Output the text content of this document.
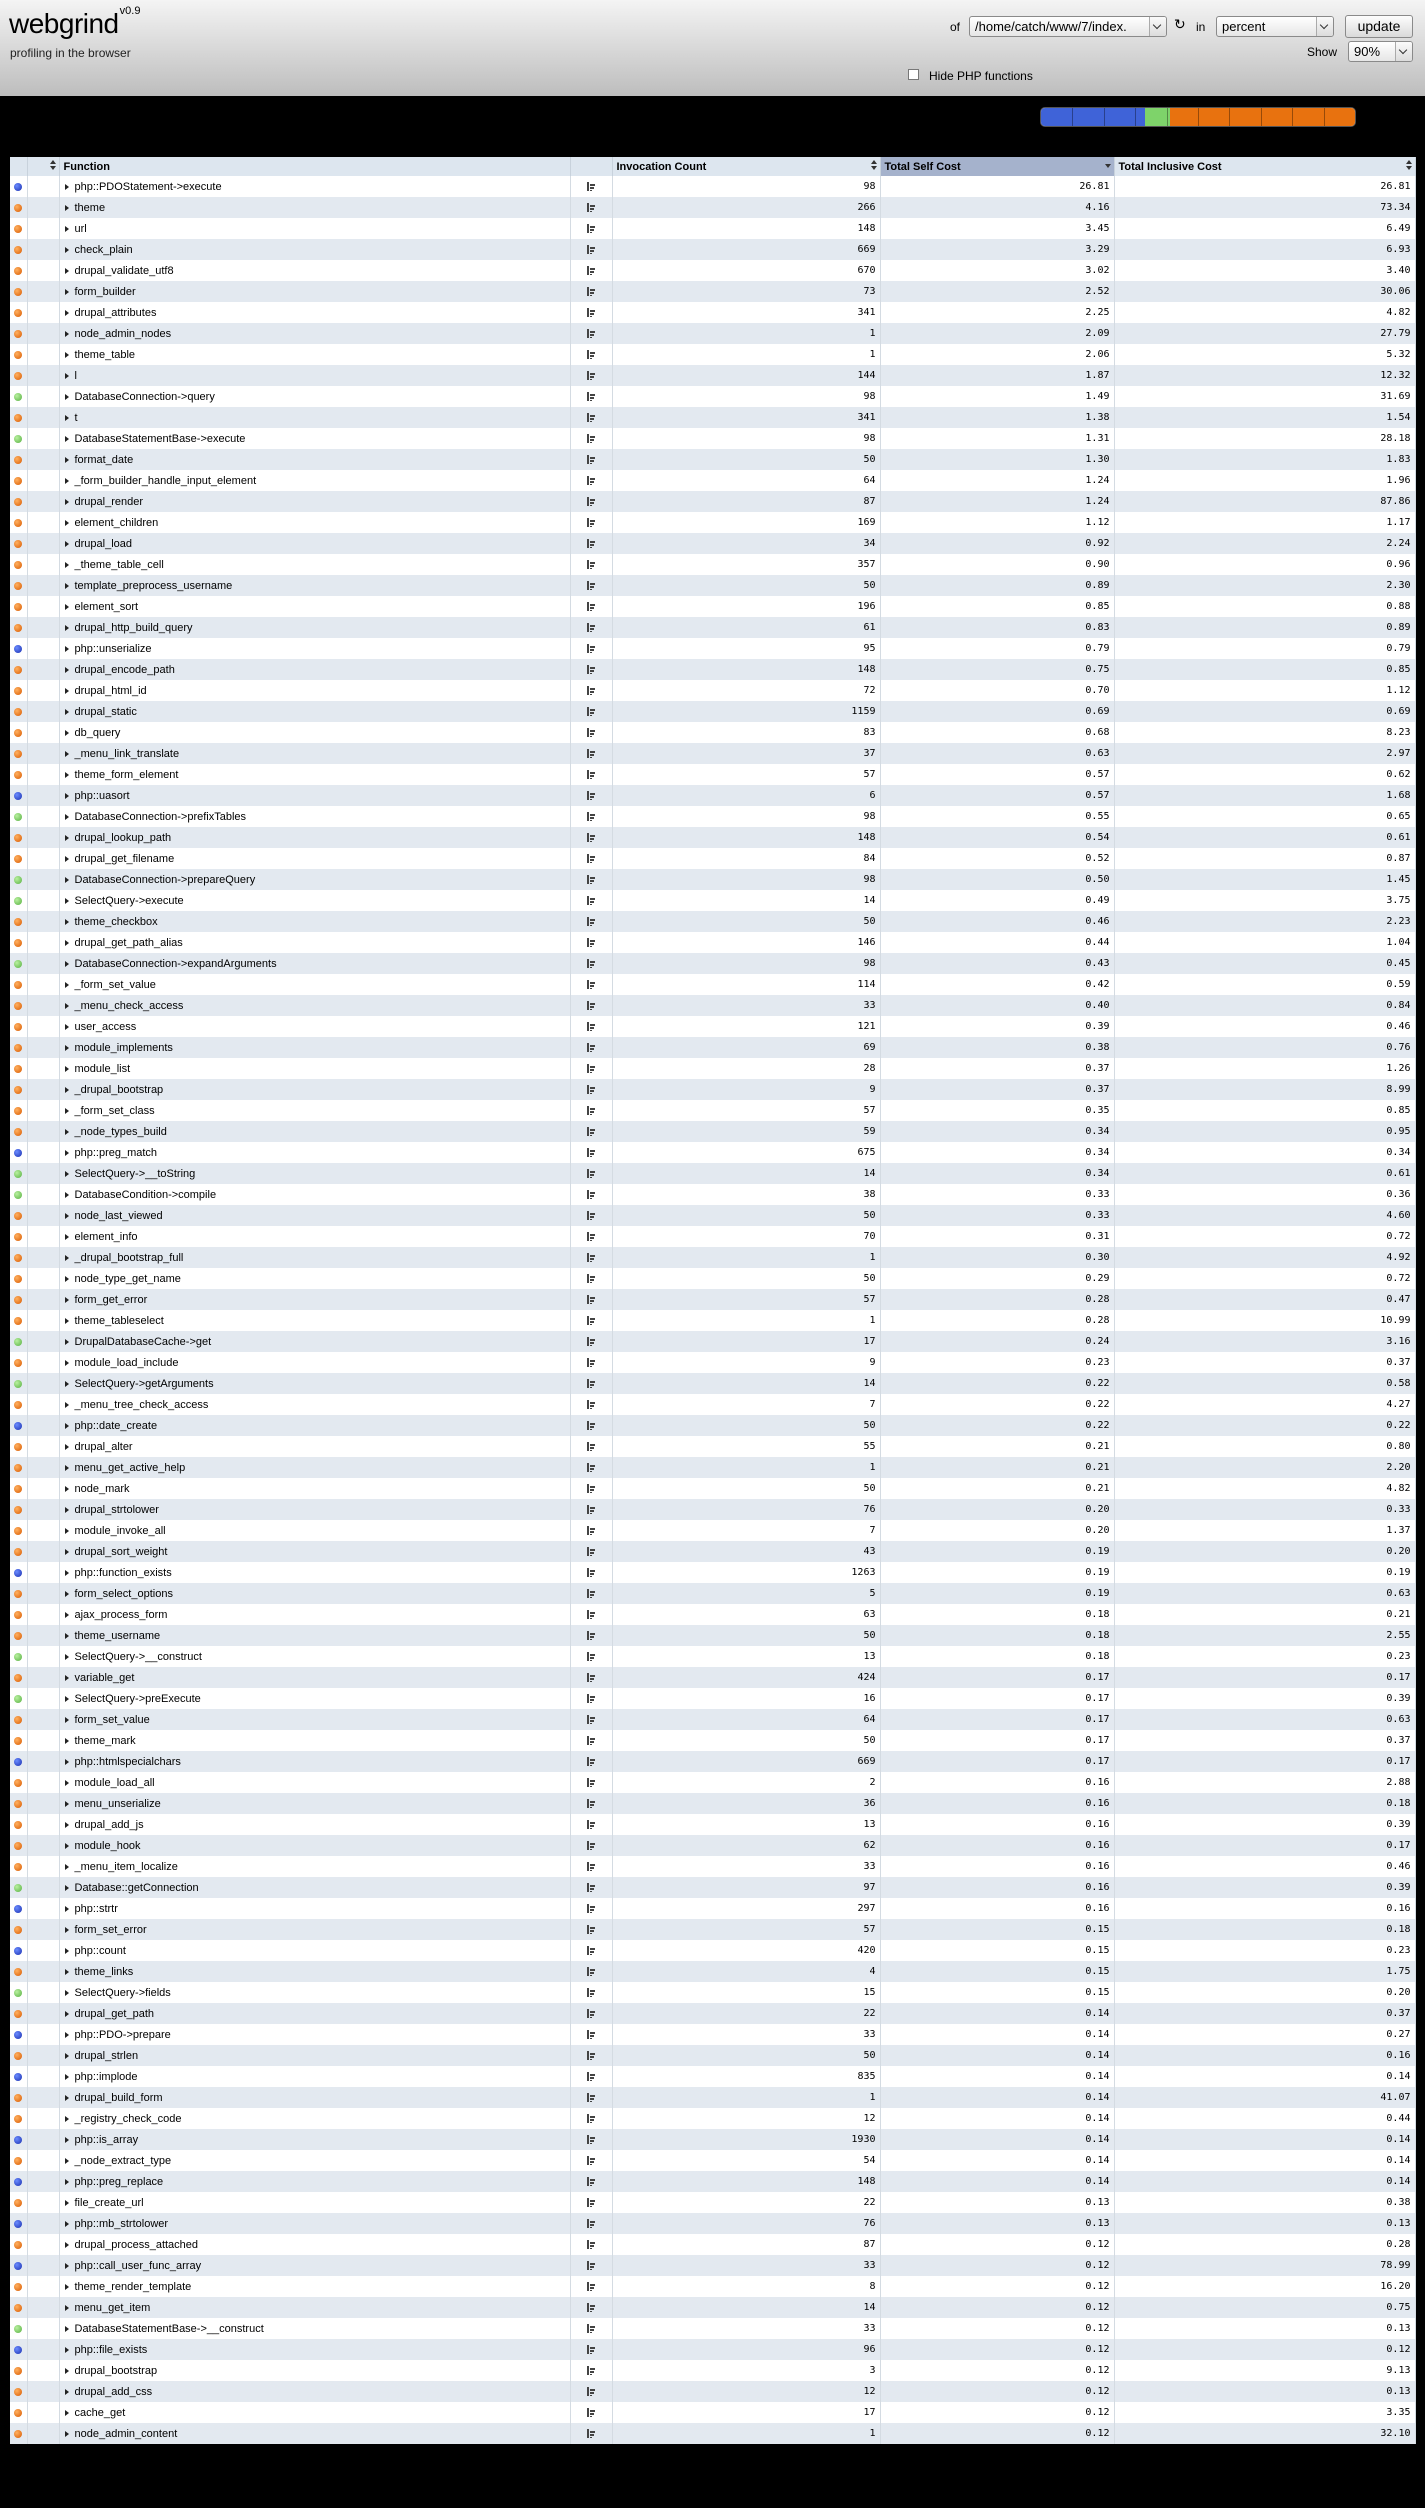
webgrind$^{v0.9}$
profiling in the browser
of	/home/catch/www/7/index.	↻ in	percent	update
Show	90%
Hide PHP functions

	Function		Invocation Count	Total Self Cost	Total Inclusive Cost

		php::PDOStatement->execute		98	26.81	26.81
		theme		266	4.16	73.34
		url		148	3.45	6.49
		check_plain		669	3.29	6.93
		drupal_validate_utf8		670	3.02	3.40
		form_builder		73	2.52	30.06
		drupal_attributes		341	2.25	4.82
		node_admin_nodes		1	2.09	27.79
		theme_table		1	2.06	5.32
		l		144	1.87	12.32
		DatabaseConnection->query		98	1.49	31.69
		t		341	1.38	1.54
		DatabaseStatementBase->execute		98	1.31	28.18
		format_date		50	1.30	1.83
		_form_builder_handle_input_element		64	1.24	1.96
		drupal_render		87	1.24	87.86
		element_children		169	1.12	1.17
		drupal_load		34	0.92	2.24
		_theme_table_cell		357	0.90	0.96
		template_preprocess_username		50	0.89	2.30
		element_sort		196	0.85	0.88
		drupal_http_build_query		61	0.83	0.89
		php::unserialize		95	0.79	0.79
		drupal_encode_path		148	0.75	0.85
		drupal_html_id		72	0.70	1.12
		drupal_static		1159	0.69	0.69
		db_query		83	0.68	8.23
		_menu_link_translate		37	0.63	2.97
		theme_form_element		57	0.57	0.62
		php::uasort		6	0.57	1.68
		DatabaseConnection->prefixTables		98	0.55	0.65
		drupal_lookup_path		148	0.54	0.61
		drupal_get_filename		84	0.52	0.87
		DatabaseConnection->prepareQuery		98	0.50	1.45
		SelectQuery->execute		14	0.49	3.75
		theme_checkbox		50	0.46	2.23
		drupal_get_path_alias		146	0.44	1.04
		DatabaseConnection->expandArguments		98	0.43	0.45
		_form_set_value		114	0.42	0.59
		_menu_check_access		33	0.40	0.84
		user_access		121	0.39	0.46
		module_implements		69	0.38	0.76
		module_list		28	0.37	1.26
		_drupal_bootstrap		9	0.37	8.99
		_form_set_class		57	0.35	0.85
		_node_types_build		59	0.34	0.95
		php::preg_match		675	0.34	0.34
		SelectQuery->__toString		14	0.34	0.61
		DatabaseCondition->compile		38	0.33	0.36
		node_last_viewed		50	0.33	4.60
		element_info		70	0.31	0.72
		_drupal_bootstrap_full		1	0.30	4.92
		node_type_get_name		50	0.29	0.72
		form_get_error		57	0.28	0.47
		theme_tableselect		1	0.28	10.99
		DrupalDatabaseCache->get		17	0.24	3.16
		module_load_include		9	0.23	0.37
		SelectQuery->getArguments		14	0.22	0.58
		_menu_tree_check_access		7	0.22	4.27
		php::date_create		50	0.22	0.22
		drupal_alter		55	0.21	0.80
		menu_get_active_help		1	0.21	2.20
		node_mark		50	0.21	4.82
		drupal_strtolower		76	0.20	0.33
		module_invoke_all		7	0.20	1.37
		drupal_sort_weight		43	0.19	0.20
		php::function_exists		1263	0.19	0.19
		form_select_options		5	0.19	0.63
		ajax_process_form		63	0.18	0.21
		theme_username		50	0.18	2.55
		SelectQuery->__construct		13	0.18	0.23
		variable_get		424	0.17	0.17
		SelectQuery->preExecute		16	0.17	0.39
		form_set_value		64	0.17	0.63
		theme_mark		50	0.17	0.37
		php::htmlspecialchars		669	0.17	0.17
		module_load_all		2	0.16	2.88
		menu_unserialize		36	0.16	0.18
		drupal_add_js		13	0.16	0.39
		module_hook		62	0.16	0.17
		_menu_item_localize		33	0.16	0.46
		Database::getConnection		97	0.16	0.39
		php::strtr		297	0.16	0.16
		form_set_error		57	0.15	0.18
		php::count		420	0.15	0.23
		theme_links		4	0.15	1.75
		SelectQuery->fields		15	0.15	0.20
		drupal_get_path		22	0.14	0.37
		php::PDO->prepare		33	0.14	0.27
		drupal_strlen		50	0.14	0.16
		php::implode		835	0.14	0.14
		drupal_build_form		1	0.14	41.07
		_registry_check_code		12	0.14	0.44
		php::is_array		1930	0.14	0.14
		_node_extract_type		54	0.14	0.14
		php::preg_replace		148	0.14	0.14
		file_create_url		22	0.13	0.38
		php::mb_strtolower		76	0.13	0.13
		drupal_process_attached		87	0.12	0.28
		php::call_user_func_array		33	0.12	78.99
		theme_render_template		8	0.12	16.20
		menu_get_item		14	0.12	0.75
		DatabaseStatementBase->__construct		33	0.12	0.13
		php::file_exists		96	0.12	0.12
		drupal_bootstrap		3	0.12	9.13
		drupal_add_css		12	0.12	0.13
		cache_get		17	0.12	3.35
		node_admin_content		1	0.12	32.10
